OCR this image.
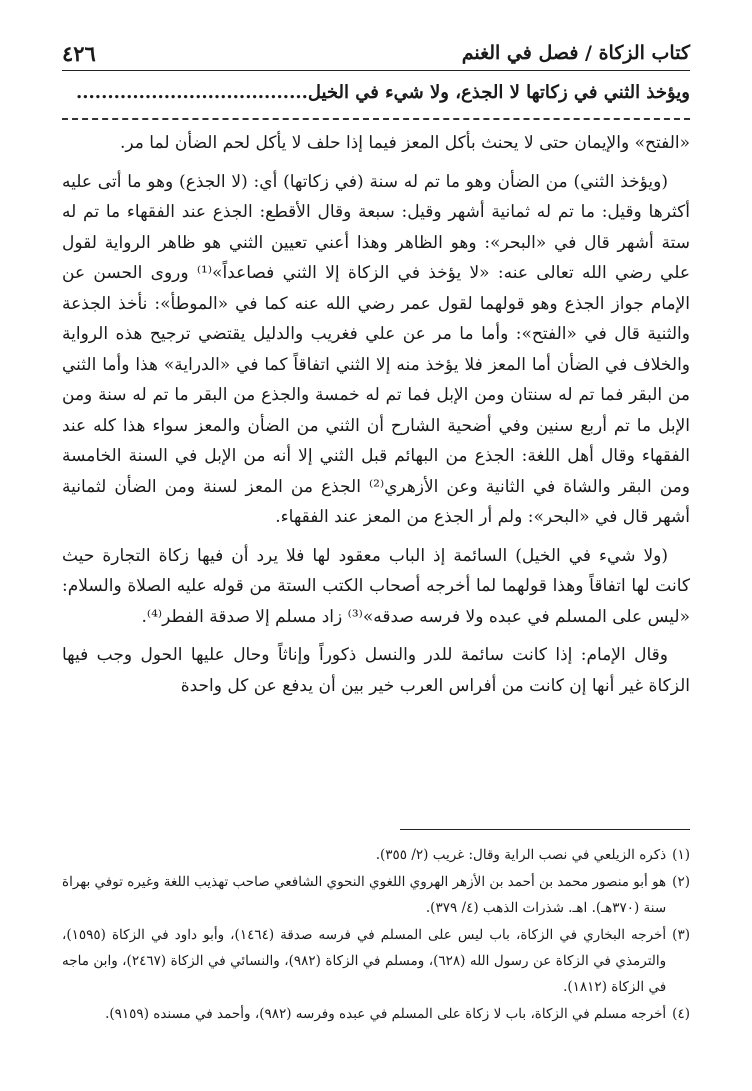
كتاب الزكاة / فصل في الغنم
٤٢٦
ويؤخذ الثني في زكاتها لا الجذع، ولا شيء في الخيل.....................................

«الفتح» والإيمان حتى لا يحنث بأكل المعز فيما إذا حلف لا يأكل لحم الضأن لما مر.

(ويؤخذ الثني) من الضأن وهو ما تم له سنة (في زكاتها) أي: (لا الجذع) وهو ما أتى عليه أكثرها وقيل: ما تم له ثمانية أشهر وقيل: سبعة وقال الأقطع: الجذع عند الفقهاء ما تم له ستة أشهر قال في «البحر»: وهو الظاهر وهذا أعني تعيين الثني هو ظاهر الرواية لقول علي رضي الله تعالى عنه: «لا يؤخذ في الزكاة إلا الثني فصاعداً»⁽¹⁾ وروى الحسن عن الإمام جواز الجذع وهو قولهما لقول عمر رضي الله عنه كما في «الموطأ»: نأخذ الجذعة والثنية قال في «الفتح»: وأما ما مر عن علي فغريب والدليل يقتضي ترجيح هذه الرواية والخلاف في الضأن أما المعز فلا يؤخذ منه إلا الثني اتفاقاً كما في «الدراية» هذا وأما الثني من البقر فما تم له سنتان ومن الإبل فما تم له خمسة والجذع من البقر ما تم له سنة ومن الإبل ما تم أربع سنين وفي أضحية الشارح أن الثني من الضأن والمعز سواء هذا كله عند الفقهاء وقال أهل اللغة: الجذع من البهائم قبل الثني إلا أنه من الإبل في السنة الخامسة ومن البقر والشاة في الثانية وعن الأزهري⁽²⁾ الجذع من المعز لسنة ومن الضأن لثمانية أشهر قال في «البحر»: ولم أر الجذع من المعز عند الفقهاء.

(ولا شيء في الخيل) السائمة إذ الباب معقود لها فلا يرد أن فيها زكاة التجارة حيث كانت لها اتفاقاً وهذا قولهما لما أخرجه أصحاب الكتب الستة من قوله عليه الصلاة والسلام: «ليس على المسلم في عبده ولا فرسه صدقه»⁽³⁾ زاد مسلم إلا صدقة الفطر⁽⁴⁾.

وقال الإمام: إذا كانت سائمة للدر والنسل ذكوراً وإناثاً وحال عليها الحول وجب فيها الزكاة غير أنها إن كانت من أفراس العرب خير بين أن يدفع عن كل واحدة

(١)
ذكره الزيلعي في نصب الراية وقال: غريب (٢/ ٣٥٥).
(٢)
هو أبو منصور محمد بن أحمد بن الأزهر الهروي اللغوي النحوي الشافعي صاحب تهذيب اللغة وغيره توفي بهراة سنة (٣٧٠هـ). اهـ. شذرات الذهب (٤/ ٣٧٩).
(٣)
أخرجه البخاري في الزكاة، باب ليس على المسلم في فرسه صدقة (١٤٦٤)، وأبو داود في الزكاة (١٥٩٥)، والترمذي في الزكاة عن رسول الله (٦٢٨)، ومسلم في الزكاة (٩٨٢)، والنسائي في الزكاة (٢٤٦٧)، وابن ماجه في الزكاة (١٨١٢).
(٤)
أخرجه مسلم في الزكاة، باب لا زكاة على المسلم في عبده وفرسه (٩٨٢)، وأحمد في مسنده (٩١٥٩).
